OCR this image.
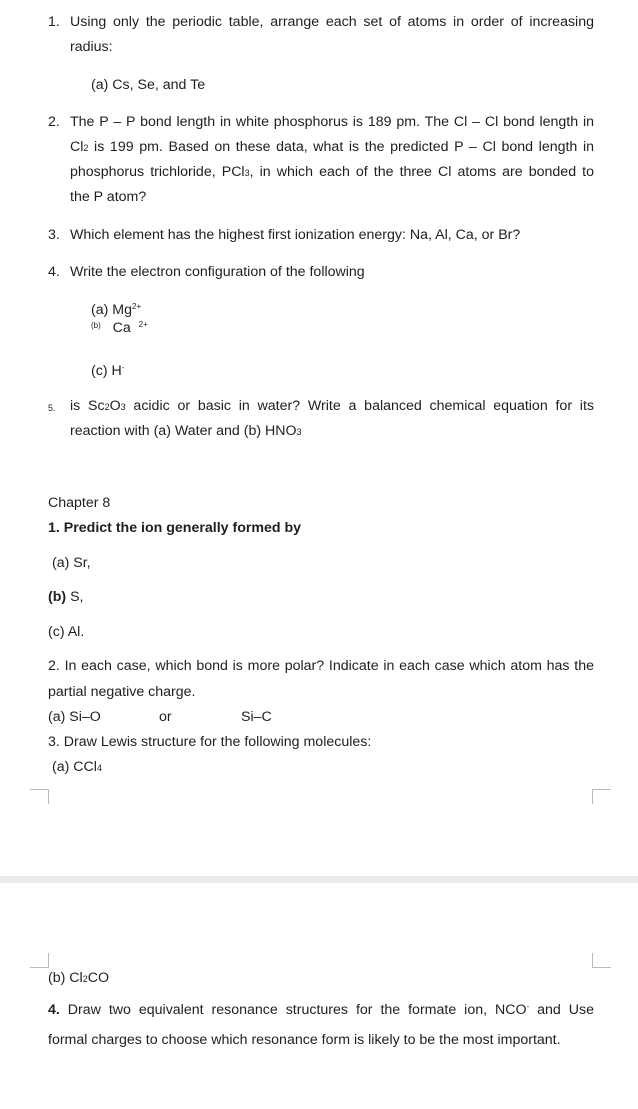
1. Using only the periodic table, arrange each set of atoms in order of increasing
radius:
(a) Cs, Se, and Te
2. The P – P bond length in white phosphorus is 189 pm. The Cl – Cl bond length in
Cl2 is 199 pm. Based on these data, what is the predicted P – Cl bond length in
phosphorus trichloride, PCl3, in which each of the three Cl atoms are bonded to
the P atom?
3. Which element has the highest first ionization energy: Na, Al, Ca, or Br?
4. Write the electron configuration of the following
(a) $Mg^{2+}$
$^{(b)}$ Ca $^{2+}$
(c) H-
5. is Sc2O3 acidic or basic in water? Write a balanced chemical equation for its
reaction with (a) Water and (b) HNO3
Chapter 8
1. Predict the ion generally formed by
(a) Sr,
(b) S,
(c) Al.
2. In each case, which bond is more polar? Indicate in each case which atom has the
partial negative charge.
(a) Si–O	or	Si–C
3. Draw Lewis structure for the following molecules:
(a) CCl4
(b) Cl2CO
4. Draw two equivalent resonance structures for the formate ion, NCO- and Use
formal charges to choose which resonance form is likely to be the most important.
